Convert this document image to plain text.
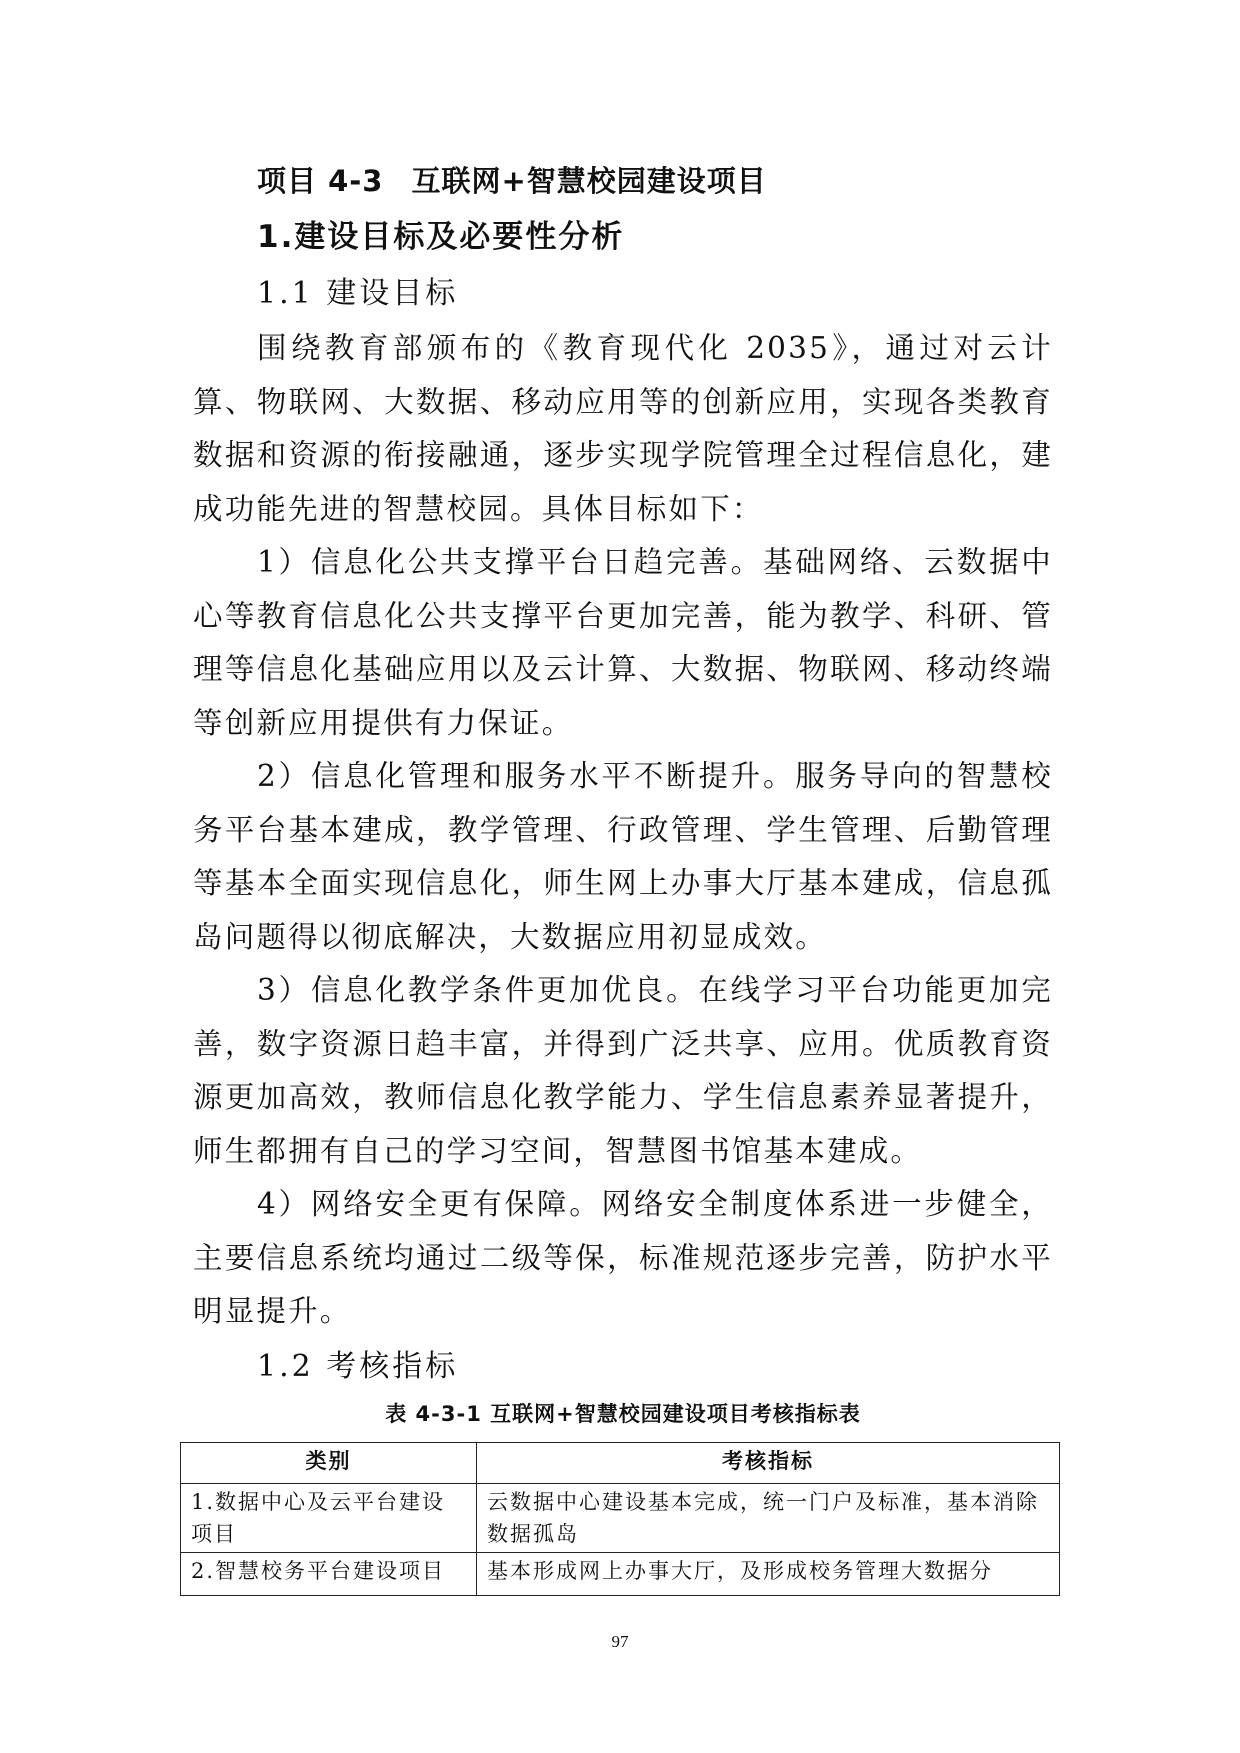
项目 4-3 互联网+智慧校园建设项目
1.建设目标及必要性分析
1.1 建设目标

围绕教育部颁布的《教育现代化 2035》，通过对云计算、物联网、大数据、移动应用等的创新应用，实现各类教育数据和资源的衔接融通，逐步实现学院管理全过程信息化，建成功能先进的智慧校园。具体目标如下：

1）信息化公共支撑平台日趋完善。基础网络、云数据中心等教育信息化公共支撑平台更加完善，能为教学、科研、管理等信息化基础应用以及云计算、大数据、物联网、移动终端等创新应用提供有力保证。

2）信息化管理和服务水平不断提升。服务导向的智慧校务平台基本建成，教学管理、行政管理、学生管理、后勤管理等基本全面实现信息化，师生网上办事大厅基本建成，信息孤岛问题得以彻底解决，大数据应用初显成效。

3）信息化教学条件更加优良。在线学习平台功能更加完善，数字资源日趋丰富，并得到广泛共享、应用。优质教育资源更加高效，教师信息化教学能力、学生信息素养显著提升，师生都拥有自己的学习空间，智慧图书馆基本建成。

4）网络安全更有保障。网络安全制度体系进一步健全，主要信息系统均通过二级等保，标准规范逐步完善，防护水平明显提升。

1.2 考核指标
表 4-3-1 互联网+智慧校园建设项目考核指标表
类别	考核指标
1.数据中心及云平台建设项目	云数据中心建设基本完成，统一门户及标准，基本消除数据孤岛

2.智慧校务平台建设项目	基本形成网上办事大厅，及形成校务管理大数据分
97
